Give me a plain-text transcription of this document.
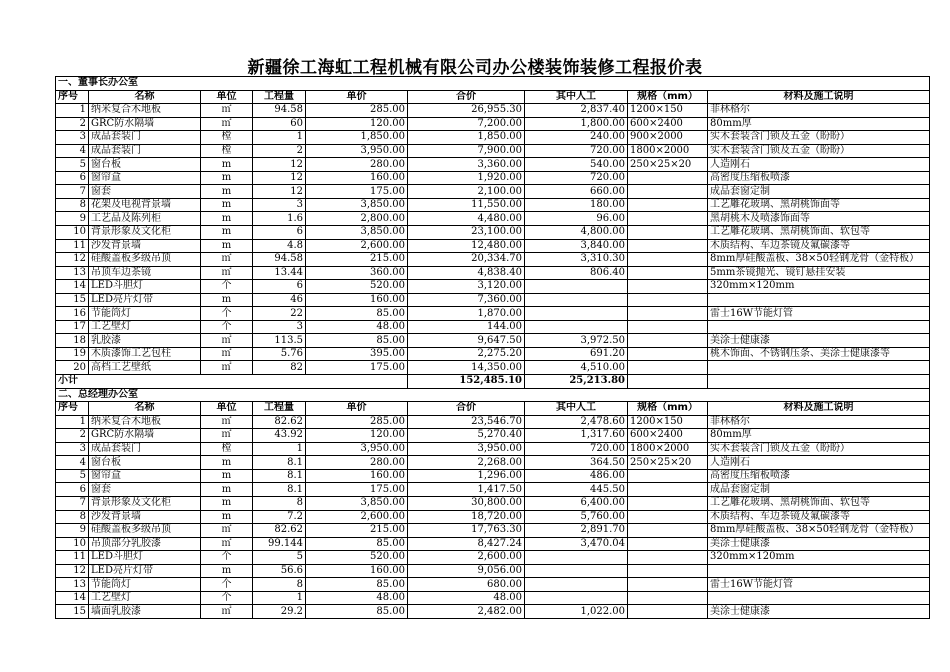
新疆徐工海虹工程机械有限公司办公楼装饰装修工程报价表
一、董事长办公室								
序号	名称	单位	工程量	单价	合价	其中人工	规格（mm）	材料及施工说明
1	纳米复合木地板	㎡	94.58	285.00	26,955.30	2,837.40	1200×150	菲林格尔
2	GRC防水隔墙	㎡	60	120.00	7,200.00	1,800.00	600×2400	80mm厚
3	成品套装门	樘	1	1,850.00	1,850.00	240.00	900×2000	实木套装含门锁及五金（盼盼）
4	成品套装门	樘	2	3,950.00	7,900.00	720.00	1800×2000	实木套装含门锁及五金（盼盼）
5	窗台板	m	12	280.00	3,360.00	540.00	250×25×20	人造刚石
6	窗帘盒	m	12	160.00	1,920.00	720.00		高密度压缩板喷漆
7	窗套	m	12	175.00	2,100.00	660.00		成品套窗定制
8	花架及电视背景墙	m	3	3,850.00	11,550.00	180.00		工艺雕花玻璃、黑胡桃饰面等
9	工艺品及陈列柜	m	1.6	2,800.00	4,480.00	96.00		黑胡桃木及喷漆饰面等
10	背景形象及文化柜	m	6	3,850.00	23,100.00	4,800.00		工艺雕花玻璃、黑胡桃饰面、软包等
11	沙发背景墙	m	4.8	2,600.00	12,480.00	3,840.00		木质结构、车边茶镜及氟碳漆等
12	硅酸盖板多级吊顶	㎡	94.58	215.00	20,334.70	3,310.30		8mm厚硅酸盖板、38×50轻钢龙骨（金特板）
13	吊顶车边茶镜	㎡	13.44	360.00	4,838.40	806.40		5mm茶镜抛光、镜钉悬挂安装
14	LED斗胆灯	个	6	520.00	3,120.00			320mm×120mm
15	LED亮片灯带	m	46	160.00	7,360.00			
16	节能筒灯	个	22	85.00	1,870.00			雷士16W节能灯管
17	工艺壁灯	个	3	48.00	144.00			
18	乳胶漆	㎡	113.5	85.00	9,647.50	3,972.50		美涂士健康漆
19	木质漆饰工艺包柱	㎡	5.76	395.00	2,275.20	691.20		桃木饰面、不锈钢压条、美涂士健康漆等
20	高档工艺壁纸	㎡	82	175.00	14,350.00	4,510.00		
小计					152,485.10	25,213.80		
二、总经理办公室								
序号	名称	单位	工程量	单价	合价	其中人工	规格（mm）	材料及施工说明
1	纳米复合木地板	㎡	82.62	285.00	23,546.70	2,478.60	1200×150	菲林格尔
2	GRC防水隔墙	㎡	43.92	120.00	5,270.40	1,317.60	600×2400	80mm厚
3	成品套装门	樘	1	3,950.00	3,950.00	720.00	1800×2000	实木套装含门锁及五金（盼盼）
4	窗台板	m	8.1	280.00	2,268.00	364.50	250×25×20	人造刚石
5	窗帘盒	m	8.1	160.00	1,296.00	486.00		高密度压缩板喷漆
6	窗套	m	8.1	175.00	1,417.50	445.50		成品套窗定制
7	背景形象及文化柜	m	8	3,850.00	30,800.00	6,400.00		工艺雕花玻璃、黑胡桃饰面、软包等
8	沙发背景墙	m	7.2	2,600.00	18,720.00	5,760.00		木质结构、车边茶镜及氟碳漆等
9	硅酸盖板多级吊顶	㎡	82.62	215.00	17,763.30	2,891.70		8mm厚硅酸盖板、38×50轻钢龙骨（金特板）
10	吊顶部分乳胶漆	㎡	99.144	85.00	8,427.24	3,470.04		美涂士健康漆
11	LED斗胆灯	个	5	520.00	2,600.00			320mm×120mm
12	LED亮片灯带	m	56.6	160.00	9,056.00			
13	节能筒灯	个	8	85.00	680.00			雷士16W节能灯管
14	工艺壁灯	个	1	48.00	48.00			
15	墙面乳胶漆	㎡	29.2	85.00	2,482.00	1,022.00		美涂士健康漆
